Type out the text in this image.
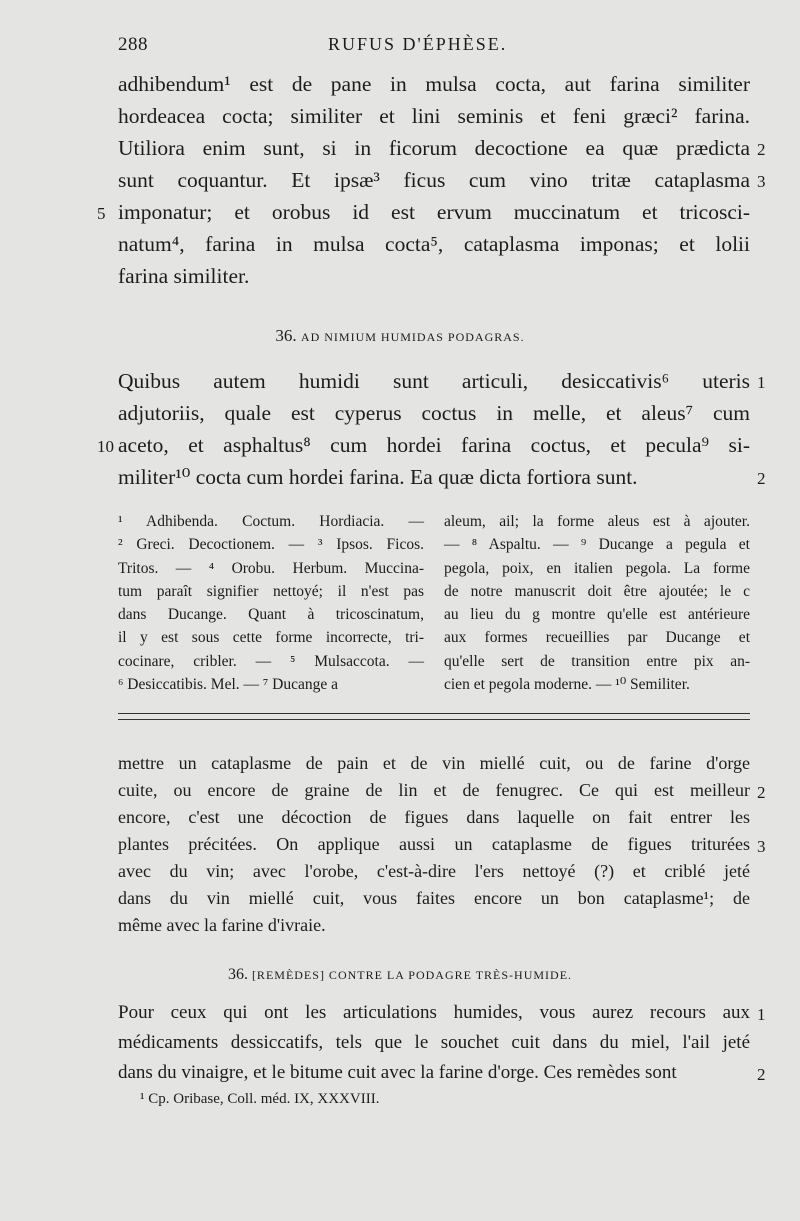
288	RUFUS D'ÉPHÈSE.
adhibendum¹ est de pane in mulsa cocta, aut farina similiter
hordeacea cocta; similiter et lini seminis et feni græci² farina.
Utiliora enim sunt, si in ficorum decoctione ea quæ prædicta
sunt coquantur. Et ipsæ³ ficus cum vino tritæ cataplasma
imponatur; et orobus id est ervum muccinatum et tricosci-
natum⁴, farina in mulsa cocta⁵, cataplasma imponas; et lolii
farina similiter.
36. AD NIMIUM HUMIDAS PODAGRAS.
Quibus autem humidi sunt articuli, desiccativis⁶ uteris
adjutoriis, quale est cyperus coctus in melle, et aleus⁷ cum
aceto, et asphaltus⁸ cum hordei farina coctus, et pecula⁹ si-
militer¹⁰ cocta cum hordei farina. Ea quæ dicta fortiora sunt.
¹ Adhibenda. Coctum. Hordiacia. —
² Greci. Decoctionem. — ³ Ipsos. Ficos.
Tritos. — ⁴ Orobu. Herbum. Muccina-
tum paraît signifier nettoyé; il n'est pas
dans Ducange. Quant à tricoscinatum,
il y est sous cette forme incorrecte, tri-
cocinare, cribler. — ⁵ Mulsaccota. —
⁶ Desiccatibis. Mel. — ⁷ Ducange a
aleum, ail; la forme aleus est à ajouter.
— ⁸ Aspaltu. — ⁹ Ducange a pegula et
pegola, poix, en italien pegola. La forme
de notre manuscrit doit être ajoutée; le c
au lieu du g montre qu'elle est antérieure
aux formes recueillies par Ducange et
qu'elle sert de transition entre pix an-
cien et pegola moderne. — ¹⁰ Semiliter.
mettre un cataplasme de pain et de vin miellé cuit, ou de farine d'orge
cuite, ou encore de graine de lin et de fenugrec. Ce qui est meilleur
encore, c'est une décoction de figues dans laquelle on fait entrer les
plantes précitées. On applique aussi un cataplasme de figues triturées
avec du vin; avec l'orobe, c'est-à-dire l'ers nettoyé (?) et criblé jeté
dans du vin miellé cuit, vous faites encore un bon cataplasme¹; de
même avec la farine d'ivraie.
36. [REMÈDES] CONTRE LA PODAGRE TRÈS-HUMIDE.
Pour ceux qui ont les articulations humides, vous aurez recours aux
médicaments dessiccatifs, tels que le souchet cuit dans du miel, l'ail jeté
dans du vinaigre, et le bitume cuit avec la farine d'orge. Ces remèdes sont
¹ Cp. Oribase, Coll. méd. IX, XXXVIII.
2
3
5
1
10
2
2
3
1
2
